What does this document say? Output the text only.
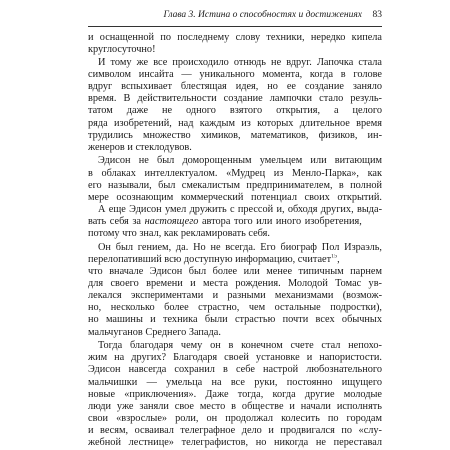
Глава 3. Истина о способностях и достижениях 83
и оснащенной по последнему слову техники, нередко кипела
круглосуточно!
И тому же все происходило отнюдь не вдруг. Лапочка стала
символом инсайта — уникального момента, когда в голове
вдруг вспыхивает блестящая идея, но ее создание заняло
время. В действительности создание лампочки стало резуль-
татом даже не одного взятого открытия, а целого
ряда изобретений, над каждым из которых длительное время
трудились множество химиков, математиков, физиков, ин-
женеров и стеклодувов.
Эдисон не был доморощенным умельцем или витающим
в облаках интеллектуалом. «Мудрец из Менло-Парка», как
его называли, был смекалистым предпринимателем, в полной
мере осознающим коммерческий потенциал своих открытий.
А еще Эдисон умел дружить с прессой и, обходя других, выда-
вать себя за настоящего автора того или иного изобретения,
потому что знал, как рекламировать себя.
Он был гением, да. Но не всегда. Его биограф Пол Израэль,
перелопативший всю доступную информацию, считает$^{15}$,
что вначале Эдисон был более или менее типичным парнем
для своего времени и места рождения. Молодой Томас ув-
лекался экспериментами и разными механизмами (возмож-
но, несколько более страстно, чем остальные подростки),
но машины и техника были страстью почти всех обычных
мальчуганов Среднего Запада.
Тогда благодаря чему он в конечном счете стал непохо-
жим на других? Благодаря своей установке и напористости.
Эдисон навсегда сохранил в себе настрой любознательного
мальчишки — умельца на все руки, постоянно ищущего
новые «приключения». Даже тогда, когда другие молодые
люди уже заняли свое место в обществе и начали исполнять
свои «взрослые» роли, он продолжал колесить по городам
и весям, осваивал телеграфное дело и продвигался по «слу-
жебной лестнице» телеграфистов, но никогда не переставал
